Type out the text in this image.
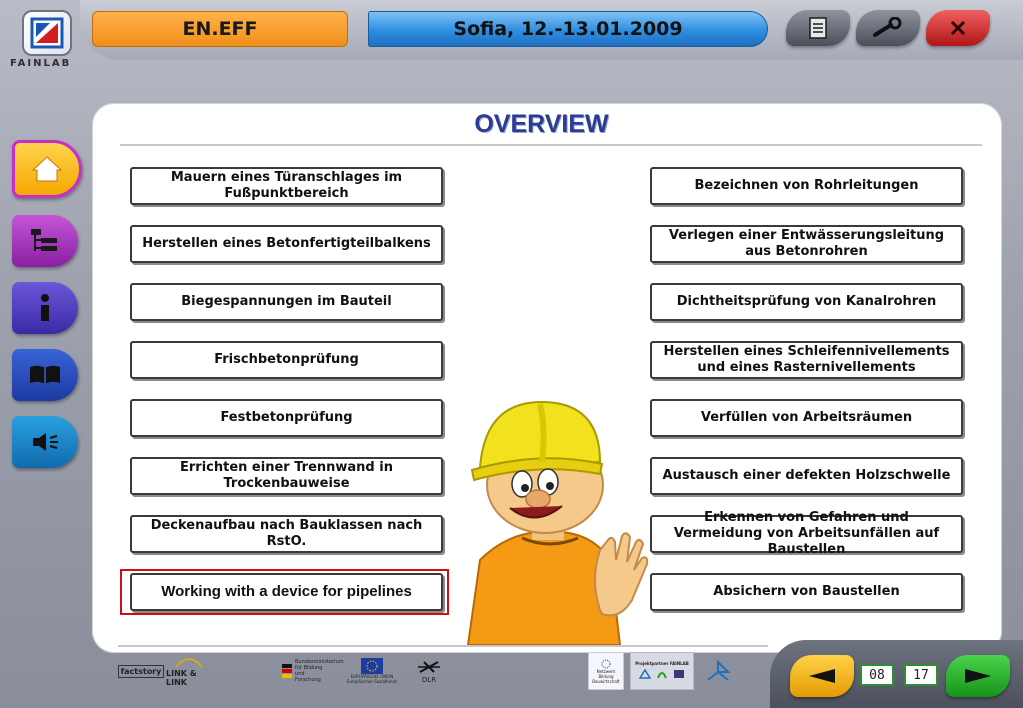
FAINLAB
EN.EFF	Sofia, 12.-13.01.2009
OVERVIEW
Mauern eines Türanschlages im Fußpunktbereich
Herstellen eines Betonfertigteilbalkens
Biegespannungen im Bauteil
Frischbetonprüfung
Festbetonprüfung
Errichten einer Trennwand in Trockenbauweise
Deckenaufbau nach Bauklassen nach RstO.
Working with a device for pipelines
Bezeichnen von Rohrleitungen
Verlegen einer Entwässerungsleitung aus Betonrohren
Dichtheitsprüfung von Kanalrohren
Herstellen eines Schleifennivellements und eines Rasternivellements
Verfüllen von Arbeitsräumen
Austausch einer defekten Holzschwelle
Erkennen von Gefahren und Vermeidung von Arbeitsunfällen auf Baustellen
Absichern von Baustellen
factstory LINK & LINK
Bundesministerium für Bildung und Forschung
EUROPÄISCHE UNION Europäischer Sozialfonds	DLR
Netzwerk Bildung Bauwirtschaft
Projektpartner FAINLAB
08	17
